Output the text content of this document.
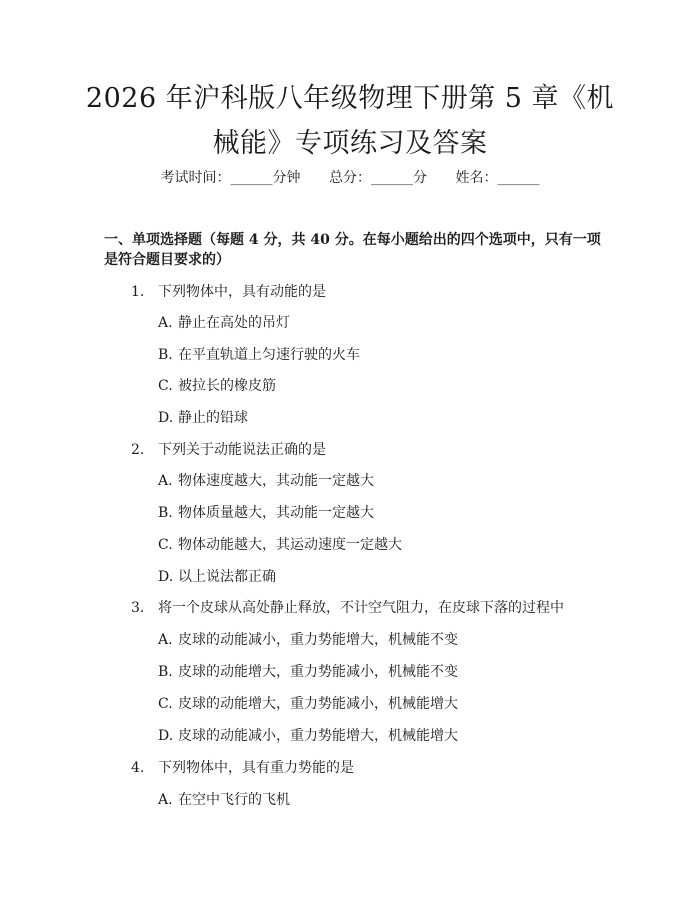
2026 年沪科版八年级物理下册第 5 章《机械能》专项练习及答案
考试时间：______分钟 总分：______分 姓名：______
一、单项选择题（每题 4 分，共 40 分。在每小题给出的四个选项中，只有一项是符合题目要求的）
1. 下列物体中，具有动能的是
A. 静止在高处的吊灯
B. 在平直轨道上匀速行驶的火车
C. 被拉长的橡皮筋
D. 静止的铅球
2. 下列关于动能说法正确的是
A. 物体速度越大，其动能一定越大
B. 物体质量越大，其动能一定越大
C. 物体动能越大，其运动速度一定越大
D. 以上说法都正确
3. 将一个皮球从高处静止释放，不计空气阻力，在皮球下落的过程中
A. 皮球的动能减小，重力势能增大，机械能不变
B. 皮球的动能增大，重力势能减小，机械能不变
C. 皮球的动能增大，重力势能减小，机械能增大
D. 皮球的动能减小，重力势能增大，机械能增大
4. 下列物体中，具有重力势能的是
A. 在空中飞行的飞机
